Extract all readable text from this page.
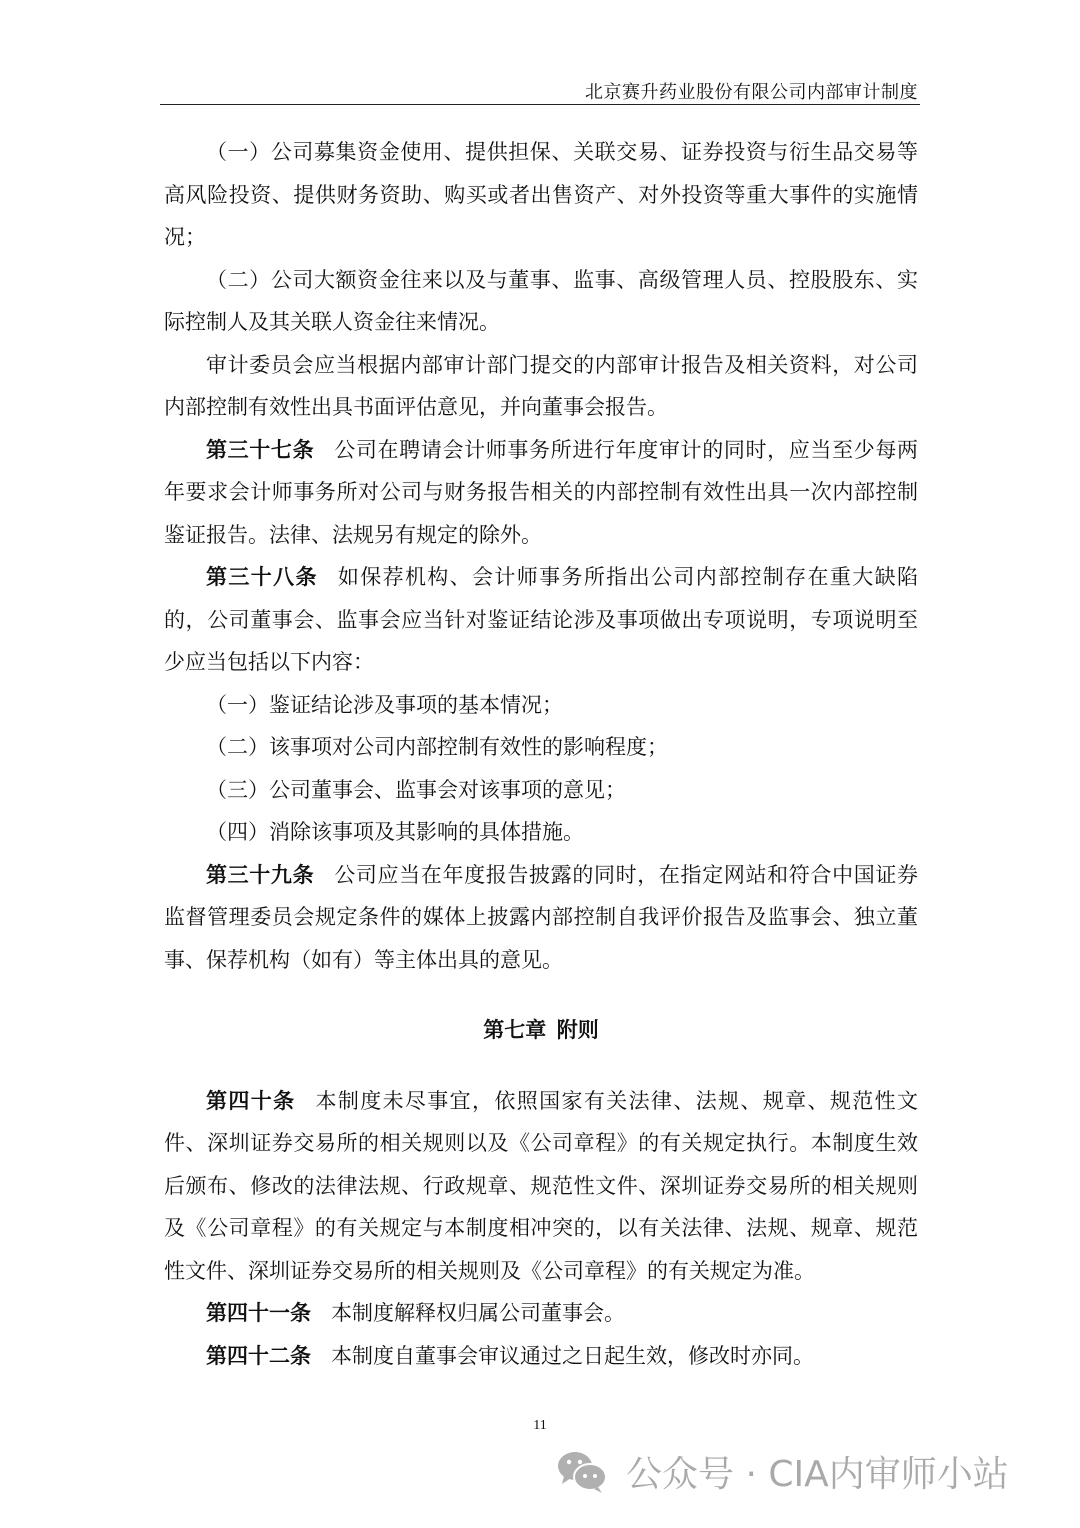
北京赛升药业股份有限公司内部审计制度

（一）公司募集资金使用、提供担保、关联交易、证券投资与衍生品交易等高风险投资、提供财务资助、购买或者出售资产、对外投资等重大事件的实施情况；

（二）公司大额资金往来以及与董事、监事、高级管理人员、控股股东、实际控制人及其关联人资金往来情况。

审计委员会应当根据内部审计部门提交的内部审计报告及相关资料，对公司内部控制有效性出具书面评估意见，并向董事会报告。

第三十七条 公司在聘请会计师事务所进行年度审计的同时，应当至少每两年要求会计师事务所对公司与财务报告相关的内部控制有效性出具一次内部控制鉴证报告。法律、法规另有规定的除外。

第三十八条 如保荐机构、会计师事务所指出公司内部控制存在重大缺陷的，公司董事会、监事会应当针对鉴证结论涉及事项做出专项说明，专项说明至少应当包括以下内容：

（一）鉴证结论涉及事项的基本情况；

（二）该事项对公司内部控制有效性的影响程度；

（三）公司董事会、监事会对该事项的意见；

（四）消除该事项及其影响的具体措施。

第三十九条 公司应当在年度报告披露的同时，在指定网站和符合中国证券监督管理委员会规定条件的媒体上披露内部控制自我评价报告及监事会、独立董事、保荐机构（如有）等主体出具的意见。

第七章  附则

第四十条 本制度未尽事宜，依照国家有关法律、法规、规章、规范性文件、深圳证券交易所的相关规则以及《公司章程》的有关规定执行。本制度生效后颁布、修改的法律法规、行政规章、规范性文件、深圳证券交易所的相关规则及《公司章程》的有关规定与本制度相冲突的，以有关法律、法规、规章、规范性文件、深圳证券交易所的相关规则及《公司章程》的有关规定为准。

第四十一条 本制度解释权归属公司董事会。

第四十二条 本制度自董事会审议通过之日起生效，修改时亦同。

11
公众号 · CIA内审师小站
